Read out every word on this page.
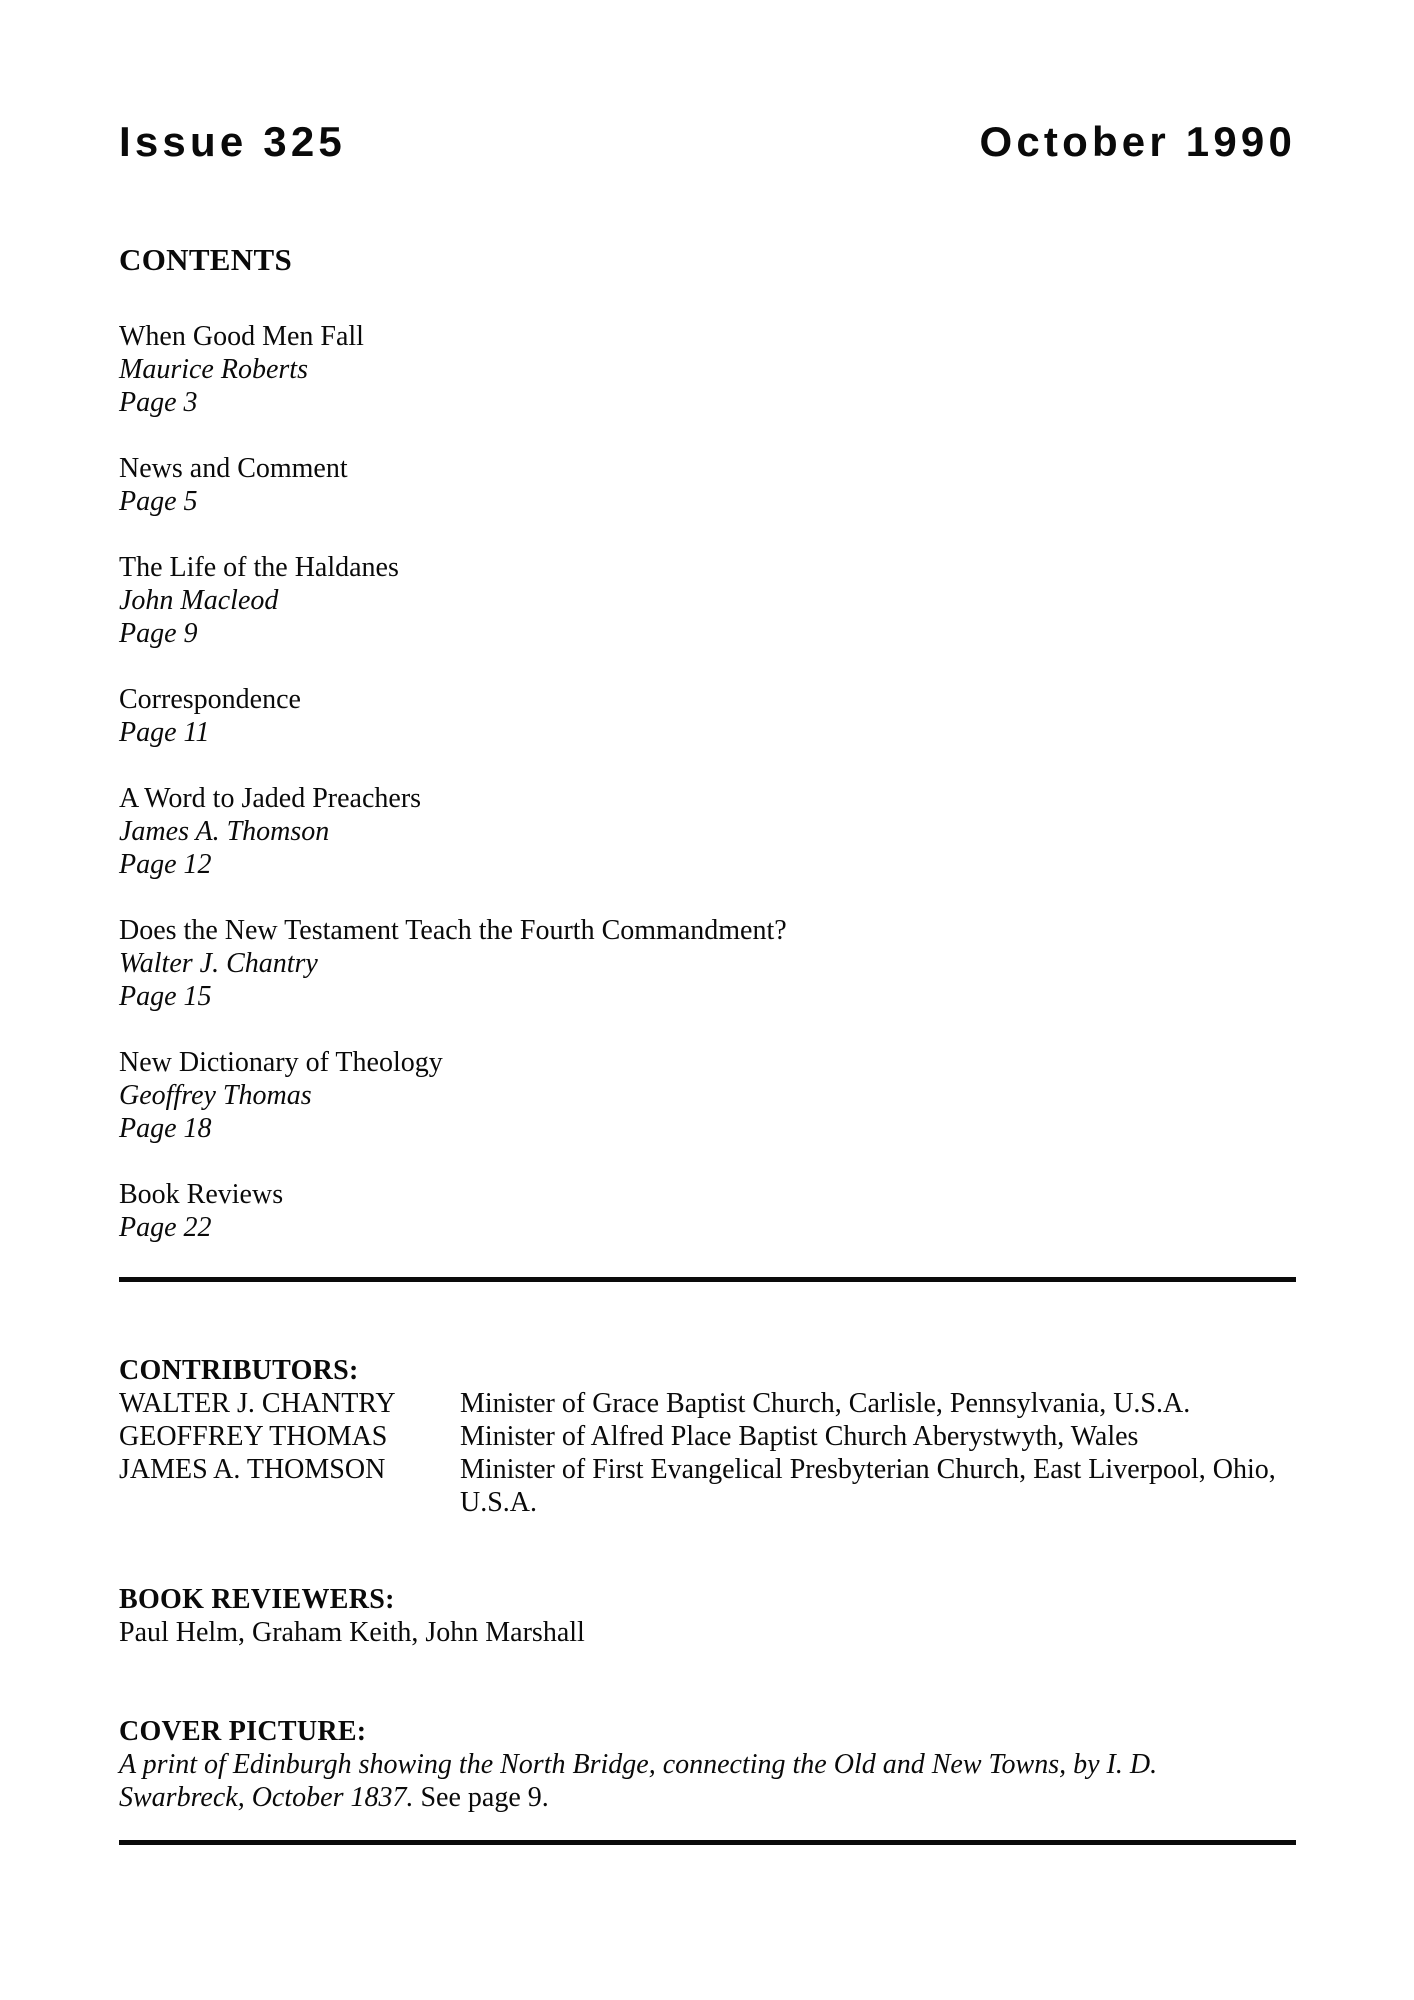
Issue 325	October 1990
CONTENTS
When Good Men Fall
Maurice Roberts
Page 3
News and Comment
Page 5
The Life of the Haldanes
John Macleod
Page 9
Correspondence
Page 11
A Word to Jaded Preachers
James A. Thomson
Page 12
Does the New Testament Teach the Fourth Commandment?
Walter J. Chantry
Page 15
New Dictionary of Theology
Geoffrey Thomas
Page 18
Book Reviews
Page 22
CONTRIBUTORS:
WALTER J. CHANTRY	Minister of Grace Baptist Church, Carlisle, Pennsylvania, U.S.A.
GEOFFREY THOMAS	Minister of Alfred Place Baptist Church Aberystwyth, Wales
JAMES A. THOMSON	Minister of First Evangelical Presbyterian Church, East Liverpool, Ohio, U.S.A.
BOOK REVIEWERS:
Paul Helm, Graham Keith, John Marshall
COVER PICTURE:
A print of Edinburgh showing the North Bridge, connecting the Old and New Towns, by I. D.
Swarbreck, October 1837. See page 9.
